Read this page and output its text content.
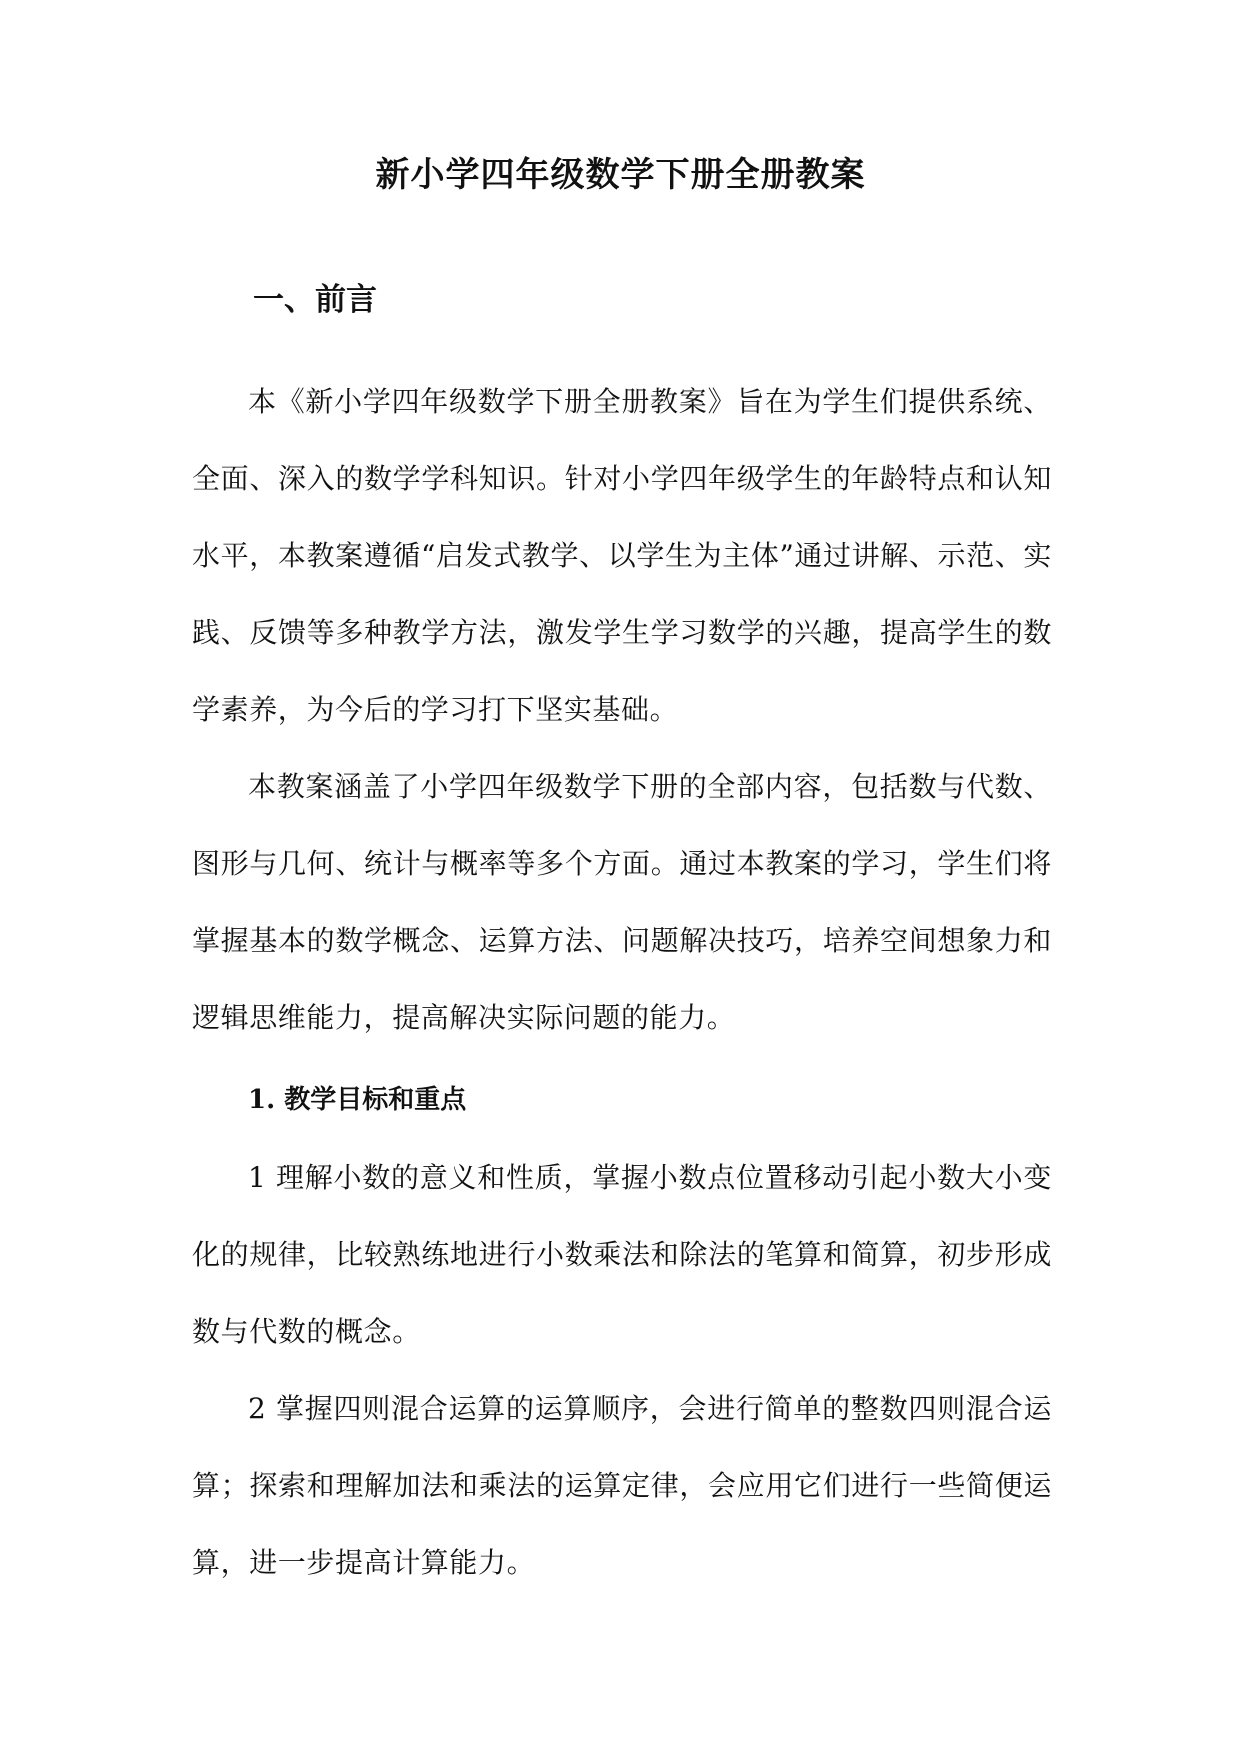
新小学四年级数学下册全册教案
一、前言

本《新小学四年级数学下册全册教案》旨在为学生们提供系统、全面、深入的数学学科知识。针对小学四年级学生的年龄特点和认知水平，本教案遵循“启发式教学、以学生为主体”通过讲解、示范、实践、反馈等多种教学方法，激发学生学习数学的兴趣，提高学生的数学素养，为今后的学习打下坚实基础。

本教案涵盖了小学四年级数学下册的全部内容，包括数与代数、图形与几何、统计与概率等多个方面。通过本教案的学习，学生们将掌握基本的数学概念、运算方法、问题解决技巧，培养空间想象力和逻辑思维能力，提高解决实际问题的能力。

1. 教学目标和重点

1 理解小数的意义和性质，掌握小数点位置移动引起小数大小变化的规律，比较熟练地进行小数乘法和除法的笔算和简算，初步形成数与代数的概念。

2 掌握四则混合运算的运算顺序，会进行简单的整数四则混合运算；探索和理解加法和乘法的运算定律，会应用它们进行一些简便运算，进一步提高计算能力。
